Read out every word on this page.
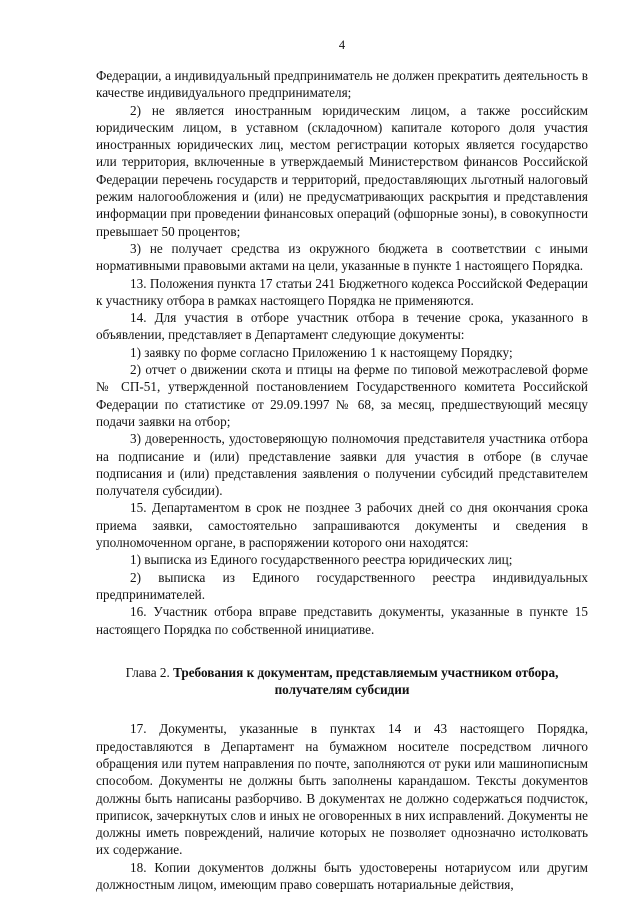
4

Федерации, а индивидуальный предприниматель не должен прекратить деятельность в качестве индивидуального предпринимателя;

2) не является иностранным юридическим лицом, а также российским юридическим лицом, в уставном (складочном) капитале которого доля участия иностранных юридических лиц, местом регистрации которых является государство или территория, включенные в утверждаемый Министерством финансов Российской Федерации перечень государств и территорий, предоставляющих льготный налоговый режим налогообложения и (или) не предусматривающих раскрытия и представления информации при проведении финансовых операций (офшорные зоны), в совокупности превышает 50 процентов;

3) не получает средства из окружного бюджета в соответствии с иными нормативными правовыми актами на цели, указанные в пункте 1 настоящего Порядка.

13. Положения пункта 17 статьи 241 Бюджетного кодекса Российской Федерации к участнику отбора в рамках настоящего Порядка не применяются.

14. Для участия в отборе участник отбора в течение срока, указанного в объявлении, представляет в Департамент следующие документы:

1) заявку по форме согласно Приложению 1 к настоящему Порядку;

2) отчет о движении скота и птицы на ферме по типовой межотраслевой форме № СП-51, утвержденной постановлением Государственного комитета Российской Федерации по статистике от 29.09.1997 № 68, за месяц, предшествующий месяцу подачи заявки на отбор;

3) доверенность, удостоверяющую полномочия представителя участника отбора на подписание и (или) представление заявки для участия в отборе (в случае подписания и (или) представления заявления о получении субсидий представителем получателя субсидии).

15. Департаментом в срок не позднее 3 рабочих дней со дня окончания срока приема заявки, самостоятельно запрашиваются документы и сведения в уполномоченном органе, в распоряжении которого они находятся:

1) выписка из Единого государственного реестра юридических лиц;

2) выписка из Единого государственного реестра индивидуальных предпринимателей.

16. Участник отбора вправе представить документы, указанные в пункте 15 настоящего Порядка по собственной инициативе.

Глава 2. Требования к документам, представляемым участником отбора, получателям субсидии

17. Документы, указанные в пунктах 14 и 43 настоящего Порядка, предоставляются в Департамент на бумажном носителе посредством личного обращения или путем направления по почте, заполняются от руки или машинописным способом. Документы не должны быть заполнены карандашом. Тексты документов должны быть написаны разборчиво. В документах не должно содержаться подчисток, приписок, зачеркнутых слов и иных не оговоренных в них исправлений. Документы не должны иметь повреждений, наличие которых не позволяет однозначно истолковать их содержание.

18. Копии документов должны быть удостоверены нотариусом или другим должностным лицом, имеющим право совершать нотариальные действия,
